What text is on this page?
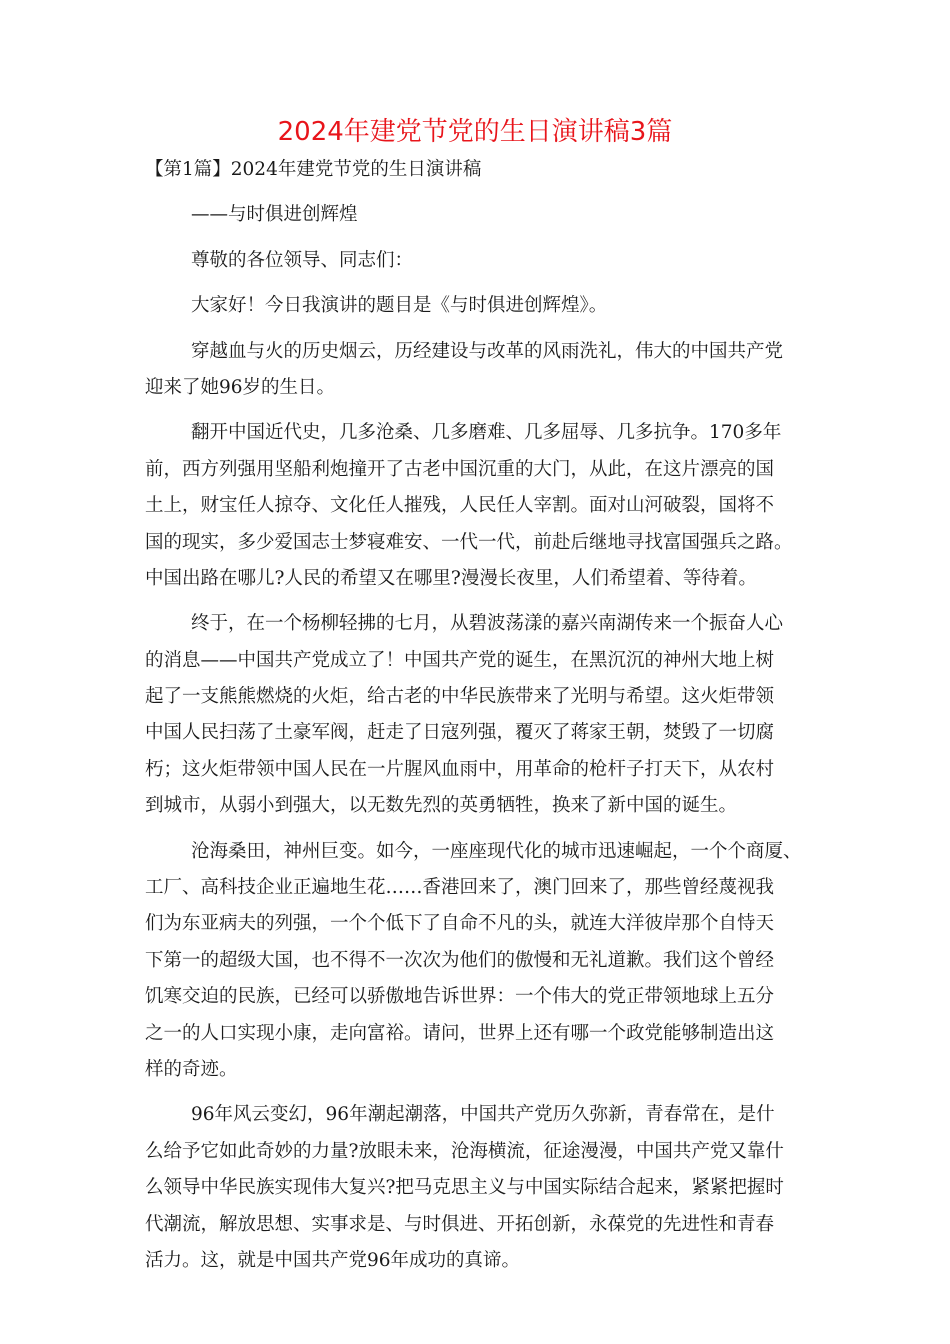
2024年建党节党的生日演讲稿3篇
【第1篇】2024年建党节党的生日演讲稿
——与时俱进创辉煌
尊敬的各位领导、同志们：
大家好！今日我演讲的题目是《与时俱进创辉煌》。
穿越血与火的历史烟云，历经建设与改革的风雨洗礼，伟大的中国共产党
迎来了她96岁的生日。
翻开中国近代史，几多沧桑、几多磨难、几多屈辱、几多抗争。170多年
前，西方列强用坚船利炮撞开了古老中国沉重的大门，从此，在这片漂亮的国
土上，财宝任人掠夺、文化任人摧残，人民任人宰割。面对山河破裂，国将不
国的现实，多少爱国志士梦寝难安、一代一代，前赴后继地寻找富国强兵之路。
中国出路在哪儿?人民的希望又在哪里?漫漫长夜里，人们希望着、等待着。
终于，在一个杨柳轻拂的七月，从碧波荡漾的嘉兴南湖传来一个振奋人心
的消息——中国共产党成立了！中国共产党的诞生，在黑沉沉的神州大地上树
起了一支熊熊燃烧的火炬，给古老的中华民族带来了光明与希望。这火炬带领
中国人民扫荡了土豪军阀，赶走了日寇列强，覆灭了蒋家王朝，焚毁了一切腐
朽；这火炬带领中国人民在一片腥风血雨中，用革命的枪杆子打天下，从农村
到城市，从弱小到强大，以无数先烈的英勇牺牲，换来了新中国的诞生。
沧海桑田，神州巨变。如今，一座座现代化的城市迅速崛起，一个个商厦、
工厂、高科技企业正遍地生花……香港回来了，澳门回来了，那些曾经蔑视我
们为东亚病夫的列强，一个个低下了自命不凡的头，就连大洋彼岸那个自恃天
下第一的超级大国，也不得不一次次为他们的傲慢和无礼道歉。我们这个曾经
饥寒交迫的民族，已经可以骄傲地告诉世界：一个伟大的党正带领地球上五分
之一的人口实现小康，走向富裕。请问，世界上还有哪一个政党能够制造出这
样的奇迹。
96年风云变幻，96年潮起潮落，中国共产党历久弥新，青春常在，是什
么给予它如此奇妙的力量?放眼未来，沧海横流，征途漫漫，中国共产党又靠什
么领导中华民族实现伟大复兴?把马克思主义与中国实际结合起来，紧紧把握时
代潮流，解放思想、实事求是、与时俱进、开拓创新，永葆党的先进性和青春
活力。这，就是中国共产党96年成功的真谛。
